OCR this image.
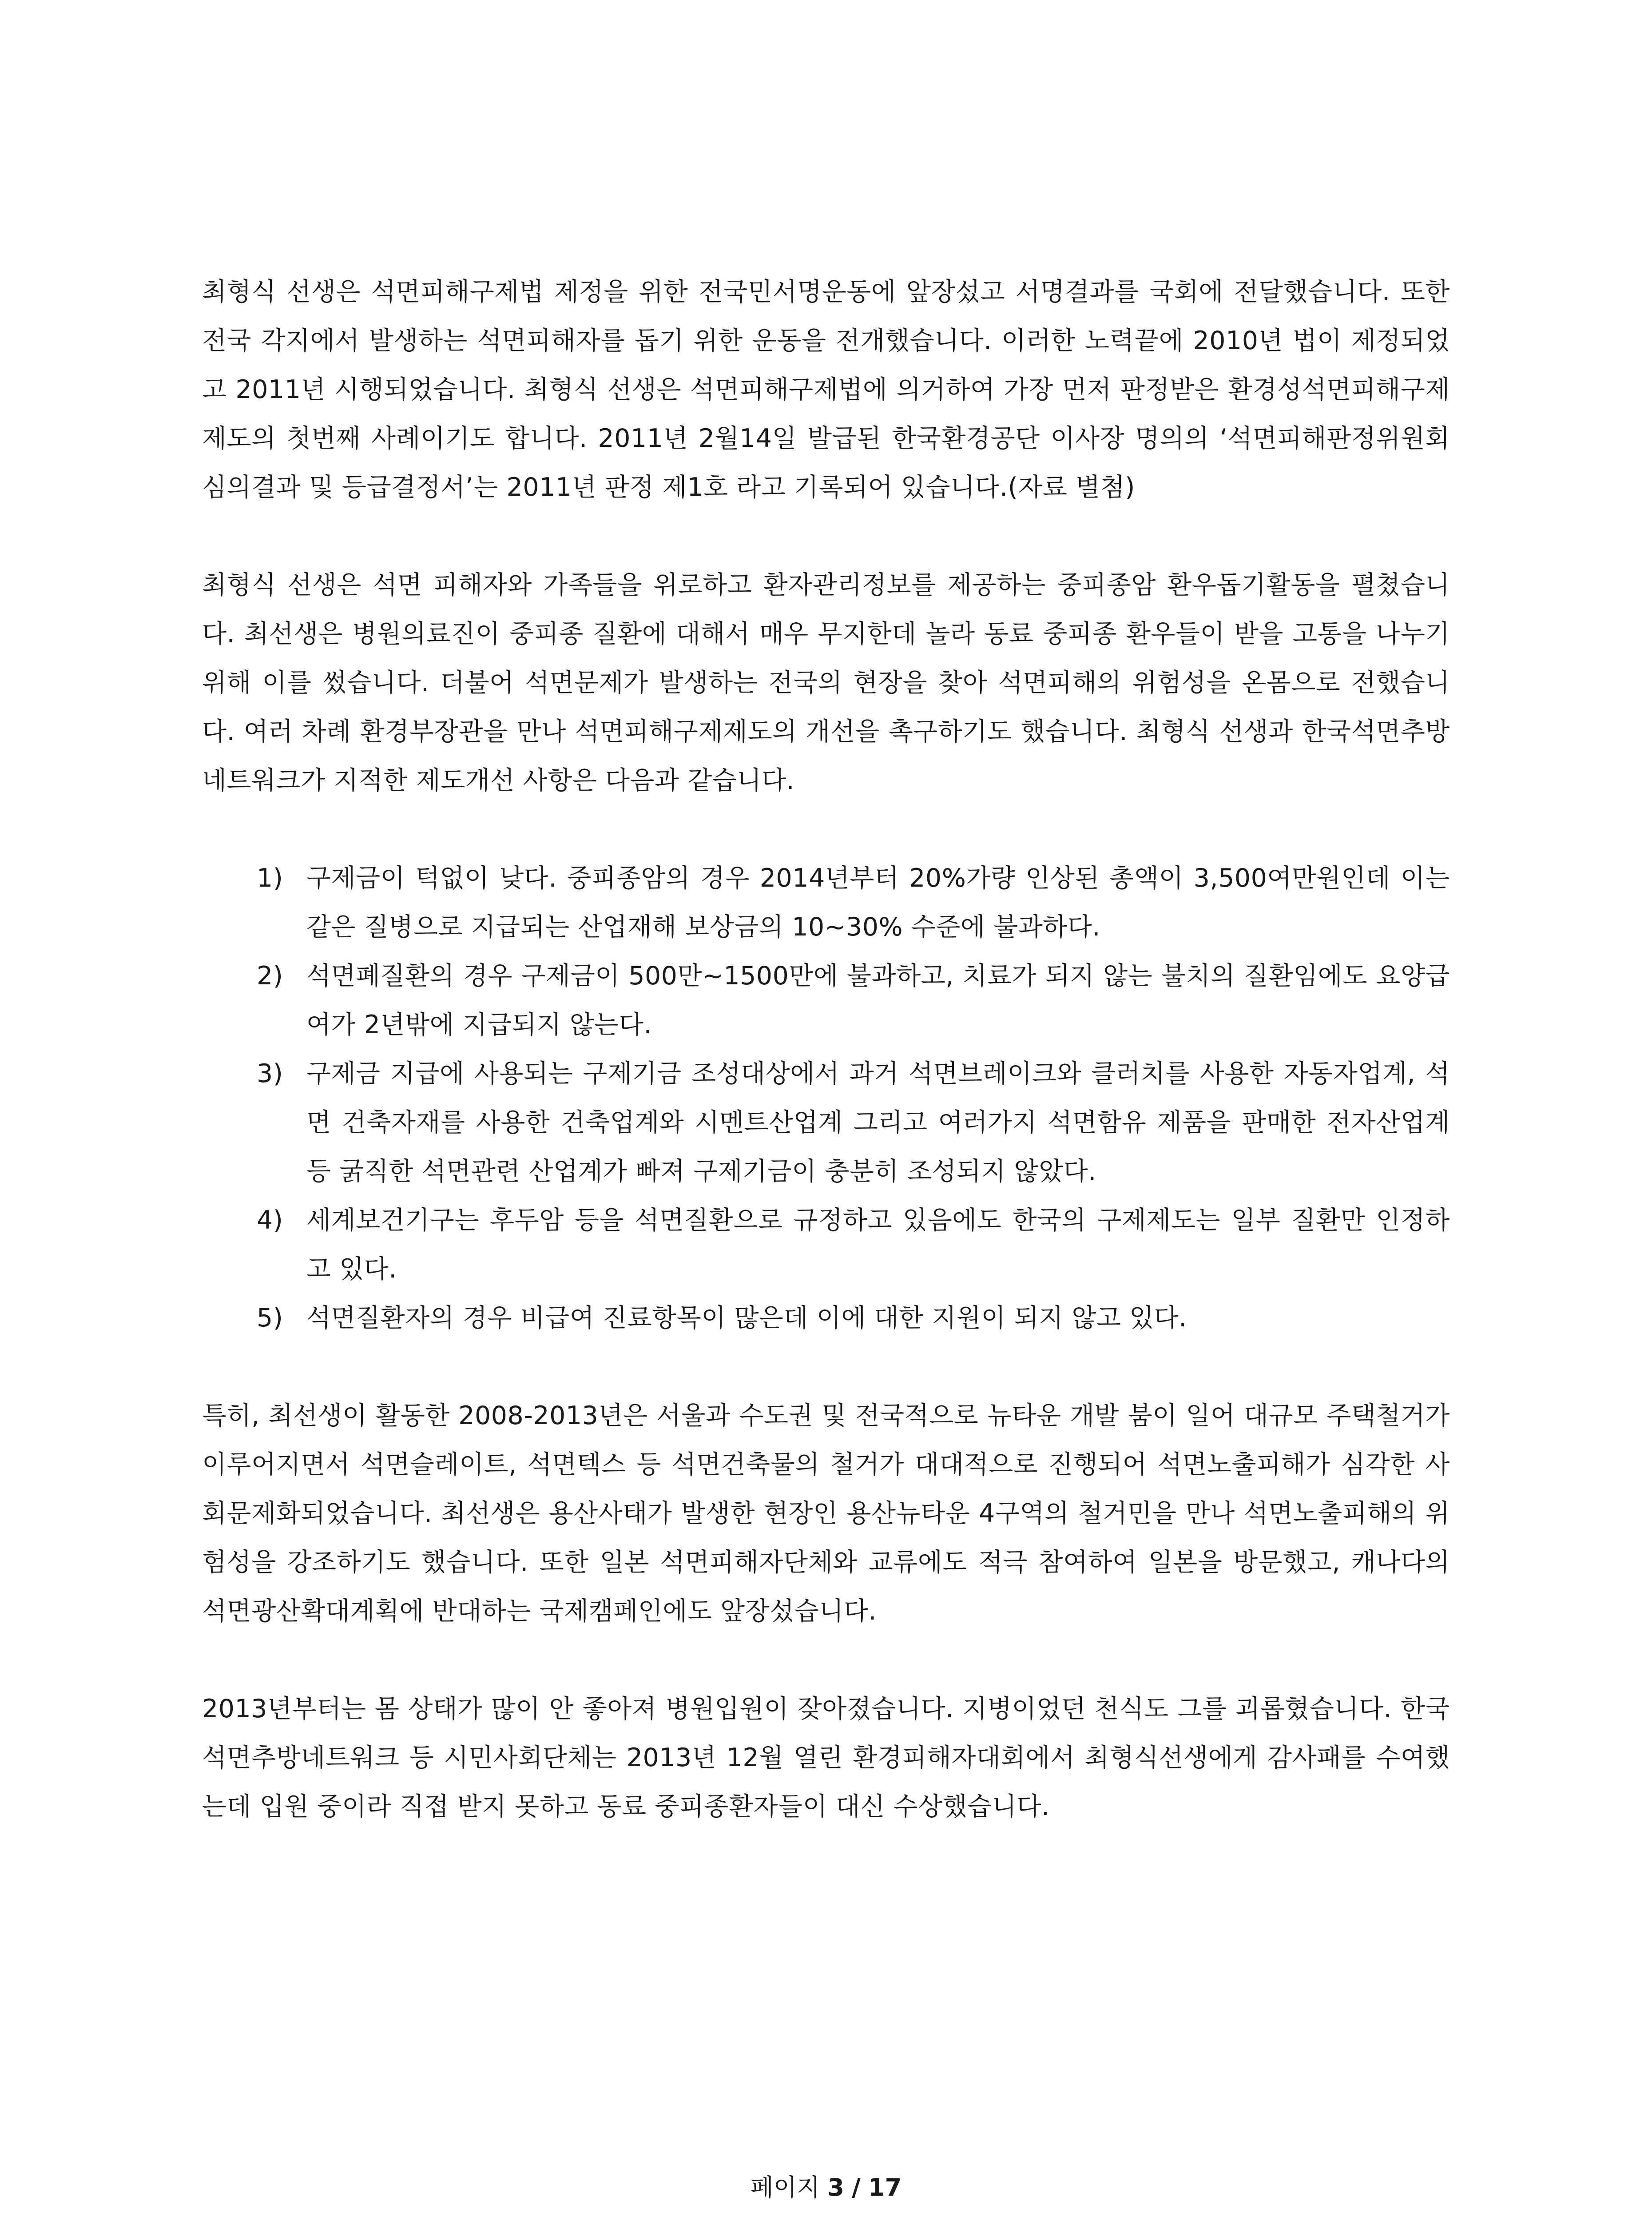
최형식 선생은 석면피해구제법 제정을 위한 전국민서명운동에 앞장섰고 서명결과를 국회에 전달했습니다. 또한 전국 각지에서 발생하는 석면피해자를 돕기 위한 운동을 전개했습니다. 이러한 노력끝에 2010년 법이 제정되었고 2011년 시행되었습니다. 최형식 선생은 석면피해구제법에 의거하여 가장 먼저 판정받은 환경성석면피해구제제도의 첫번째 사례이기도 합니다. 2011년 2월14일 발급된 한국환경공단 이사장 명의의 ‘석면피해판정위원회 심의결과 및 등급결정서’는 2011년 판정 제1호 라고 기록되어 있습니다.(자료 별첨)

최형식 선생은 석면 피해자와 가족들을 위로하고 환자관리정보를 제공하는 중피종암 환우돕기활동을 펼쳤습니다. 최선생은 병원의료진이 중피종 질환에 대해서 매우 무지한데 놀라 동료 중피종 환우들이 받을 고통을 나누기 위해 이를 썼습니다. 더불어 석면문제가 발생하는 전국의 현장을 찾아 석면피해의 위험성을 온몸으로 전했습니다. 여러 차례 환경부장관을 만나 석면피해구제제도의 개선을 촉구하기도 했습니다. 최형식 선생과 한국석면추방네트워크가 지적한 제도개선 사항은 다음과 같습니다.

1) 구제금이 턱없이 낮다. 중피종암의 경우 2014년부터 20%가량 인상된 총액이 3,500여만원인데 이는 같은 질병으로 지급되는 산업재해 보상금의 10~30% 수준에 불과하다.
2) 석면폐질환의 경우 구제금이 500만~1500만에 불과하고, 치료가 되지 않는 불치의 질환임에도 요양급여가 2년밖에 지급되지 않는다.
3) 구제금 지급에 사용되는 구제기금 조성대상에서 과거 석면브레이크와 클러치를 사용한 자동자업계, 석면 건축자재를 사용한 건축업계와 시멘트산업계 그리고 여러가지 석면함유 제품을 판매한 전자산업계 등 굵직한 석면관련 산업계가 빠져 구제기금이 충분히 조성되지 않았다.
4) 세계보건기구는 후두암 등을 석면질환으로 규정하고 있음에도 한국의 구제제도는 일부 질환만 인정하고 있다.
5) 석면질환자의 경우 비급여 진료항목이 많은데 이에 대한 지원이 되지 않고 있다.

특히, 최선생이 활동한 2008-2013년은 서울과 수도권 및 전국적으로 뉴타운 개발 붐이 일어 대규모 주택철거가 이루어지면서 석면슬레이트, 석면텍스 등 석면건축물의 철거가 대대적으로 진행되어 석면노출피해가 심각한 사회문제화되었습니다. 최선생은 용산사태가 발생한 현장인 용산뉴타운 4구역의 철거민을 만나 석면노출피해의 위험성을 강조하기도 했습니다. 또한 일본 석면피해자단체와 교류에도 적극 참여하여 일본을 방문했고, 캐나다의 석면광산확대계획에 반대하는 국제캠페인에도 앞장섰습니다.

2013년부터는 몸 상태가 많이 안 좋아져 병원입원이 잦아졌습니다. 지병이었던 천식도 그를 괴롭혔습니다. 한국석면추방네트워크 등 시민사회단체는 2013년 12월 열린 환경피해자대회에서 최형식선생에게 감사패를 수여했는데 입원 중이라 직접 받지 못하고 동료 중피종환자들이 대신 수상했습니다.

페이지 3 / 17
